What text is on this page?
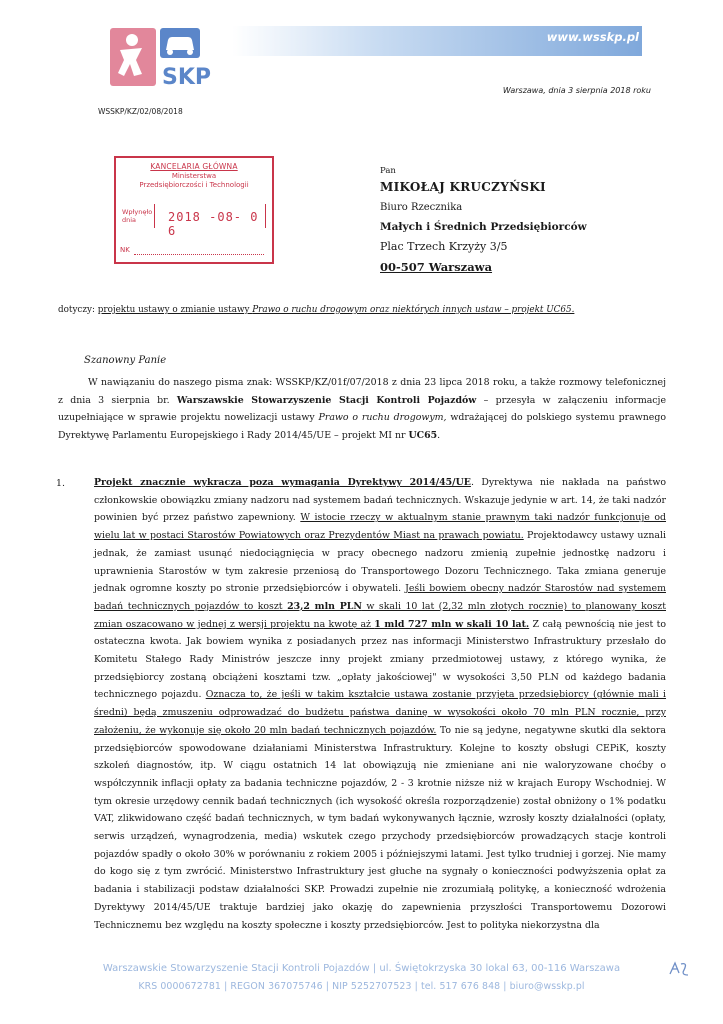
SKP
www.wsskp.pl
Warszawa, dnia 3 sierpnia 2018 roku
WSSKP/KZ/02/08/2018
KANCELARIA GŁÓWNA
Ministerstwa
Przedsiębiorczości i Technologii
Wpłynęło dnia	2018 -08- 0 6
NK
Pan
MIKOŁAJ KRUCZYŃSKI
Biuro Rzecznika
Małych i Średnich Przedsiębiorców
Plac Trzech Krzyży 3/5
00-507 Warszawa
dotyczy: projektu ustawy o zmianie ustawy Prawo o ruchu drogowym oraz niektórych innych ustaw – projekt UC65.
Szanowny Panie
W nawiązaniu do naszego pisma znak: WSSKP/KZ/01f/07/2018 z dnia 23 lipca 2018 roku, a także rozmowy telefonicznej z dnia 3 sierpnia br. Warszawskie Stowarzyszenie Stacji Kontroli Pojazdów – przesyła w załączeniu informacje uzupełniające w sprawie projektu nowelizacji ustawy Prawo o ruchu drogowym, wdrażającej do polskiego systemu prawnego Dyrektywę Parlamentu Europejskiego i Rady 2014/45/UE – projekt MI nr UC65.
1.	Projekt znacznie wykracza poza wymagania Dyrektywy 2014/45/UE. Dyrektywa nie nakłada na państwo członkowskie obowiązku zmiany nadzoru nad systemem badań technicznych. Wskazuje jedynie w art. 14, że taki nadzór powinien być przez państwo zapewniony. W istocie rzeczy w aktualnym stanie prawnym taki nadzór funkcjonuje od wielu lat w postaci Starostów Powiatowych oraz Prezydentów Miast na prawach powiatu. Projektodawcy ustawy uznali jednak, że zamiast usunąć niedociągnięcia w pracy obecnego nadzoru zmienią zupełnie jednostkę nadzoru i uprawnienia Starostów w tym zakresie przeniosą do Transportowego Dozoru Technicznego. Taka zmiana generuje jednak ogromne koszty po stronie przedsiębiorców i obywateli. Jeśli bowiem obecny nadzór Starostów nad systemem badań technicznych pojazdów to koszt 23,2 mln PLN w skali 10 lat (2,32 mln złotych rocznie) to planowany koszt zmian oszacowano w jednej z wersji projektu na kwotę aż 1 mld 727 mln w skali 10 lat. Z całą pewnością nie jest to ostateczna kwota. Jak bowiem wynika z posiadanych przez nas informacji Ministerstwo Infrastruktury przesłało do Komitetu Stałego Rady Ministrów jeszcze inny projekt zmiany przedmiotowej ustawy, z którego wynika, że przedsiębiorcy zostaną obciążeni kosztami tzw. „opłaty jakościowej" w wysokości 3,50 PLN od każdego badania technicznego pojazdu. Oznacza to, że jeśli w takim kształcie ustawa zostanie przyjęta przedsiębiorcy (głównie mali i średni) będą zmuszeniu odprowadzać do budżetu państwa daninę w wysokości około 70 mln PLN rocznie, przy założeniu, że wykonuje się około 20 mln badań technicznych pojazdów. To nie są jedyne, negatywne skutki dla sektora przedsiębiorców spowodowane działaniami Ministerstwa Infrastruktury. Kolejne to koszty obsługi CEPiK, koszty szkoleń diagnostów, itp. W ciągu ostatnich 14 lat obowiązują nie zmieniane ani nie waloryzowane choćby o współczynnik inflacji opłaty za badania techniczne pojazdów, 2 - 3 krotnie niższe niż w krajach Europy Wschodniej. W tym okresie urzędowy cennik badań technicznych (ich wysokość określa rozporządzenie) został obniżony o 1% podatku VAT, zlikwidowano część badań technicznych, w tym badań wykonywanych łącznie, wzrosły koszty działalności (opłaty, serwis urządzeń, wynagrodzenia, media) wskutek czego przychody przedsiębiorców prowadzących stacje kontroli pojazdów spadły o około 30% w porównaniu z rokiem 2005 i późniejszymi latami. Jest tylko trudniej i gorzej. Nie mamy do kogo się z tym zwrócić. Ministerstwo Infrastruktury jest głuche na sygnały o konieczności podwyższenia opłat za badania i stabilizacji podstaw działalności SKP. Prowadzi zupełnie nie zrozumiałą politykę, a konieczność wdrożenia Dyrektywy 2014/45/UE traktuje bardziej jako okazję do zapewnienia przyszłości Transportowemu Dozorowi Technicznemu bez względu na koszty społeczne i koszty przedsiębiorców. Jest to polityka niekorzystna dla
Warszawskie Stowarzyszenie Stacji Kontroli Pojazdów | ul. Świętokrzyska 30 lokal 63, 00-116 Warszawa
KRS 0000672781 | REGON 367075746 | NIP 5252707523 | tel. 517 676 848 | biuro@wsskp.pl
